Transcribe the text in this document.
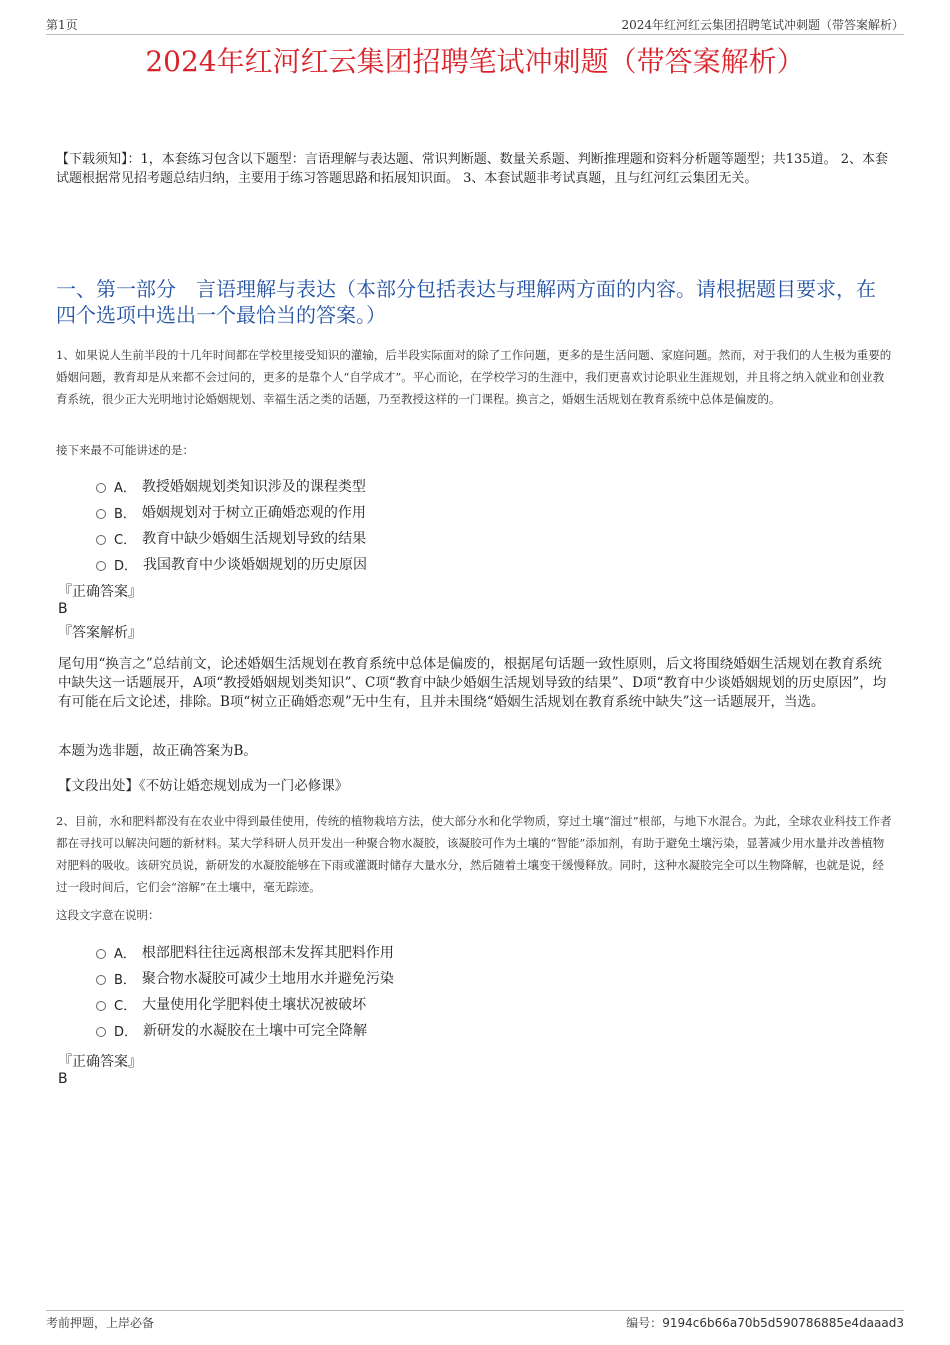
第1页	2024年红河红云集团招聘笔试冲刺题（带答案解析）
2024年红河红云集团招聘笔试冲刺题（带答案解析）
【下载须知】：1，本套练习包含以下题型：言语理解与表达题、常识判断题、数量关系题、判断推理题和资料分析题等题型；共135道。 2、本套试题根据常见招考题总结归纳，主要用于练习答题思路和拓展知识面。 3、本套试题非考试真题，且与红河红云集团无关。
一、第一部分　言语理解与表达（本部分包括表达与理解两方面的内容。请根据题目要求，在四个选项中选出一个最恰当的答案。）
1、如果说人生前半段的十几年时间都在学校里接受知识的灌输，后半段实际面对的除了工作问题，更多的是生活问题、家庭问题。然而，对于我们的人生极为重要的婚姻问题，教育却是从来都不会过问的，更多的是靠个人“自学成才”。平心而论，在学校学习的生涯中，我们更喜欢讨论职业生涯规划，并且将之纳入就业和创业教育系统，很少正大光明地讨论婚姻规划、幸福生活之类的话题，乃至教授这样的一门课程。换言之，婚姻生活规划在教育系统中总体是偏废的。
接下来最不可能讲述的是：
A． 教授婚姻规划类知识涉及的课程类型
B． 婚姻规划对于树立正确婚恋观的作用
C． 教育中缺少婚姻生活规划导致的结果
D． 我国教育中少谈婚姻规划的历史原因
『正确答案』
B
『答案解析』
尾句用“换言之”总结前文，论述婚姻生活规划在教育系统中总体是偏废的，根据尾句话题一致性原则，后文将围绕婚姻生活规划在教育系统中缺失这一话题展开，A项“教授婚姻规划类知识”、C项“教育中缺少婚姻生活规划导致的结果”、D项“教育中少谈婚姻规划的历史原因”，均有可能在后文论述，排除。B项“树立正确婚恋观”无中生有，且并未围绕“婚姻生活规划在教育系统中缺失”这一话题展开，当选。
本题为选非题，故正确答案为B。
【文段出处】《不妨让婚恋规划成为一门必修课》
2、目前，水和肥料都没有在农业中得到最佳使用，传统的植物栽培方法，使大部分水和化学物质，穿过土壤“溜过”根部，与地下水混合。为此，全球农业科技工作者都在寻找可以解决问题的新材料。某大学科研人员开发出一种聚合物水凝胶，该凝胶可作为土壤的“智能”添加剂，有助于避免土壤污染，显著减少用水量并改善植物对肥料的吸收。该研究员说，新研发的水凝胶能够在下雨或灌溉时储存大量水分，然后随着土壤变干缓慢释放。同时，这种水凝胶完全可以生物降解，也就是说，经过一段时间后，它们会“溶解”在土壤中，毫无踪迹。
这段文字意在说明：
A． 根部肥料往往远离根部未发挥其肥料作用
B． 聚合物水凝胶可减少土地用水并避免污染
C． 大量使用化学肥料使土壤状况被破坏
D． 新研发的水凝胶在土壤中可完全降解
『正确答案』
B
考前押题，上岸必备	编号：9194c6b66a70b5d590786885e4daaad3
